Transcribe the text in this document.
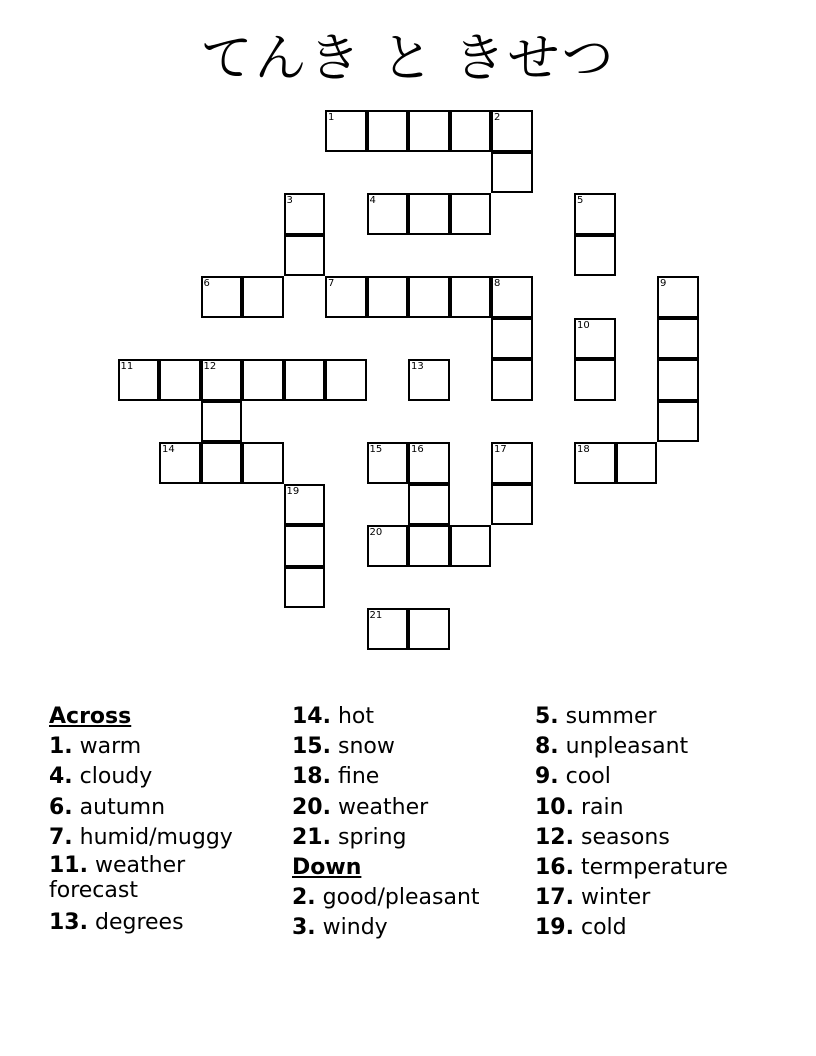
てんき と きせつ
1	2
3	4	5
6	7	8	9
10
11	12	13
14	15	16	17	18
19
20
21
Across
1. warm
4. cloudy
6. autumn
7. humid/muggy
11. weather forecast
13. degrees
14. hot
15. snow
18. fine
20. weather
21. spring
Down
2. good/pleasant
3. windy
5. summer
8. unpleasant
9. cool
10. rain
12. seasons
16. termperature
17. winter
19. cold
